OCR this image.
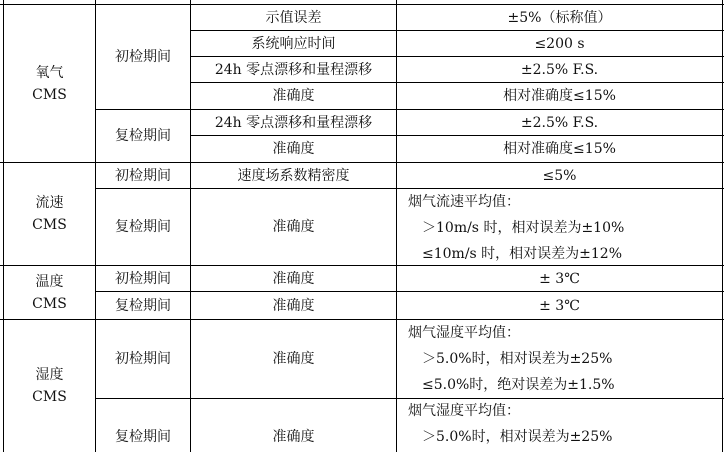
氧气
CMS
初检期间
示值误差	±5%（标称值）
系统响应时间	≤200 s
24h 零点漂移和量程漂移	±2.5% F.S.
准确度	相对准确度≤15%
复检期间
24h 零点漂移和量程漂移	±2.5% F.S.
准确度	相对准确度≤15%
流速
CMS
初检期间	速度场系数精密度	≤5%
复检期间	准确度
烟气流速平均值：
＞10m/s 时，相对误差为±10%
≤10m/s 时，相对误差为±12%
温度
CMS
初检期间	准确度	± 3℃
复检期间	准确度	± 3℃
湿度
CMS
初检期间	准确度
烟气湿度平均值：
＞5.0%时，相对误差为±25%
≤5.0%时，绝对误差为±1.5%
复检期间	准确度
烟气湿度平均值：
＞5.0%时，相对误差为±25%
